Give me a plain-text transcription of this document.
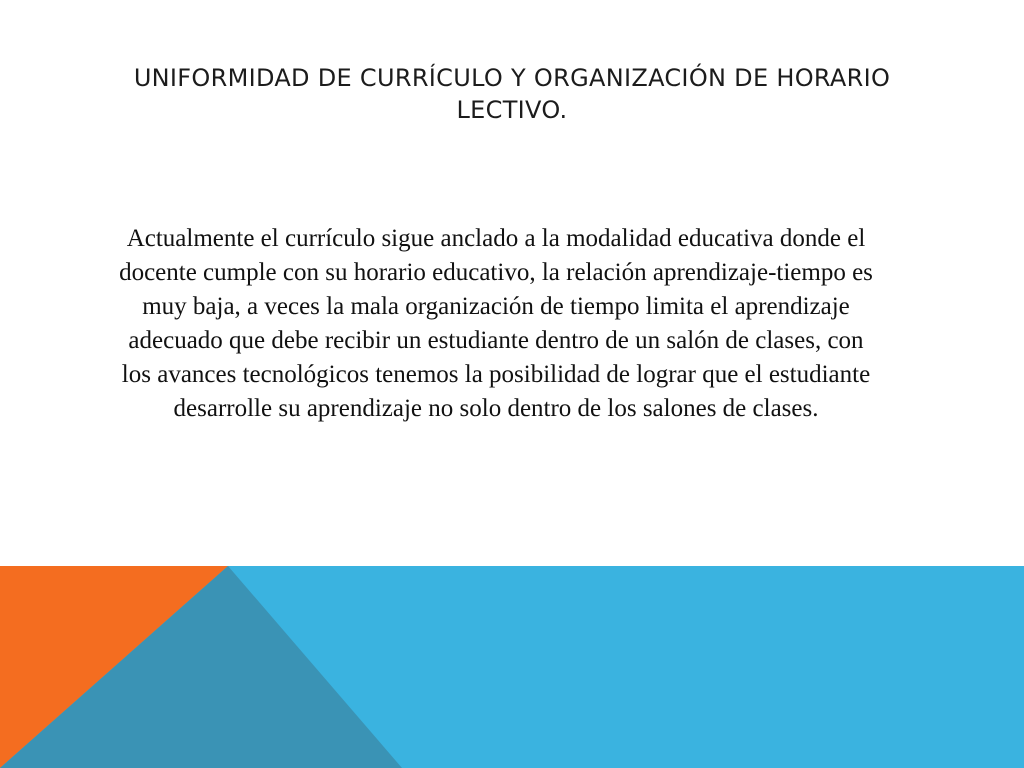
UNIFORMIDAD DE CURRÍCULO Y ORGANIZACIÓN DE HORARIO LECTIVO.

Actualmente el currículo sigue anclado a la modalidad educativa donde el docente cumple con su horario educativo, la relación aprendizaje-tiempo es muy baja, a veces la mala organización de tiempo limita el aprendizaje adecuado que debe recibir un estudiante dentro de un salón de clases, con los avances tecnológicos tenemos la posibilidad de lograr que el estudiante desarrolle su aprendizaje no solo dentro de los salones de clases.
